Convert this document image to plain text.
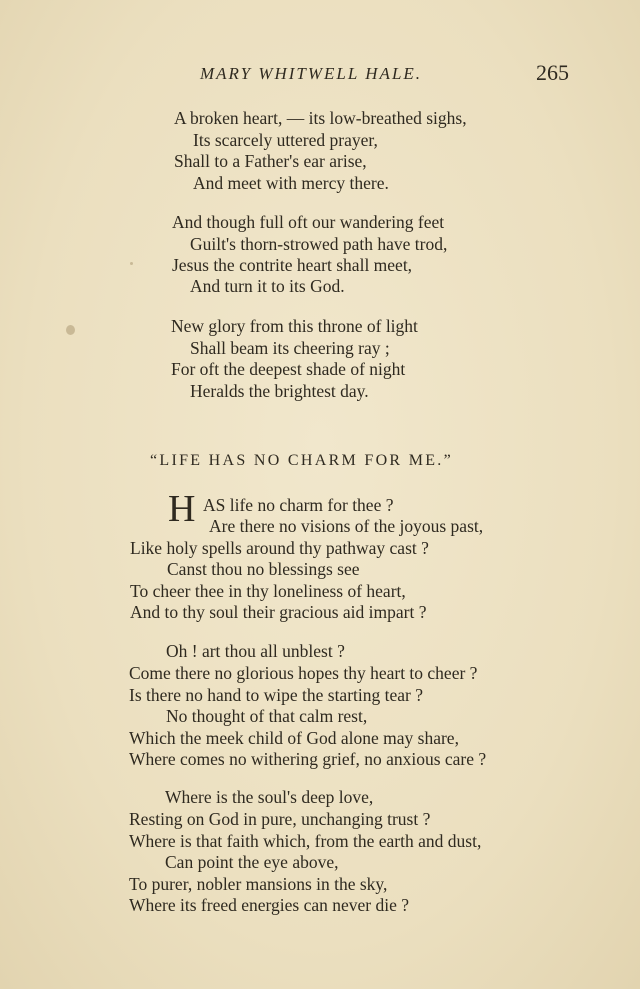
MARY WHITWELL HALE.	265
A broken heart, — its low-breathed sighs,
Its scarcely uttered prayer,
Shall to a Father's ear arise,
And meet with mercy there.
And though full oft our wandering feet
Guilt's thorn-strowed path have trod,
Jesus the contrite heart shall meet,
And turn it to its God.
New glory from this throne of light
Shall beam its cheering ray ;
For oft the deepest shade of night
Heralds the brightest day.
“LIFE HAS NO CHARM FOR ME.”
H AS life no charm for thee ?
Are there no visions of the joyous past,
Like holy spells around thy pathway cast ?
Canst thou no blessings see
To cheer thee in thy loneliness of heart,
And to thy soul their gracious aid impart ?
Oh ! art thou all unblest ?
Come there no glorious hopes thy heart to cheer ?
Is there no hand to wipe the starting tear ?
No thought of that calm rest,
Which the meek child of God alone may share,
Where comes no withering grief, no anxious care ?
Where is the soul's deep love,
Resting on God in pure, unchanging trust ?
Where is that faith which, from the earth and dust,
Can point the eye above,
To purer, nobler mansions in the sky,
Where its freed energies can never die ?
